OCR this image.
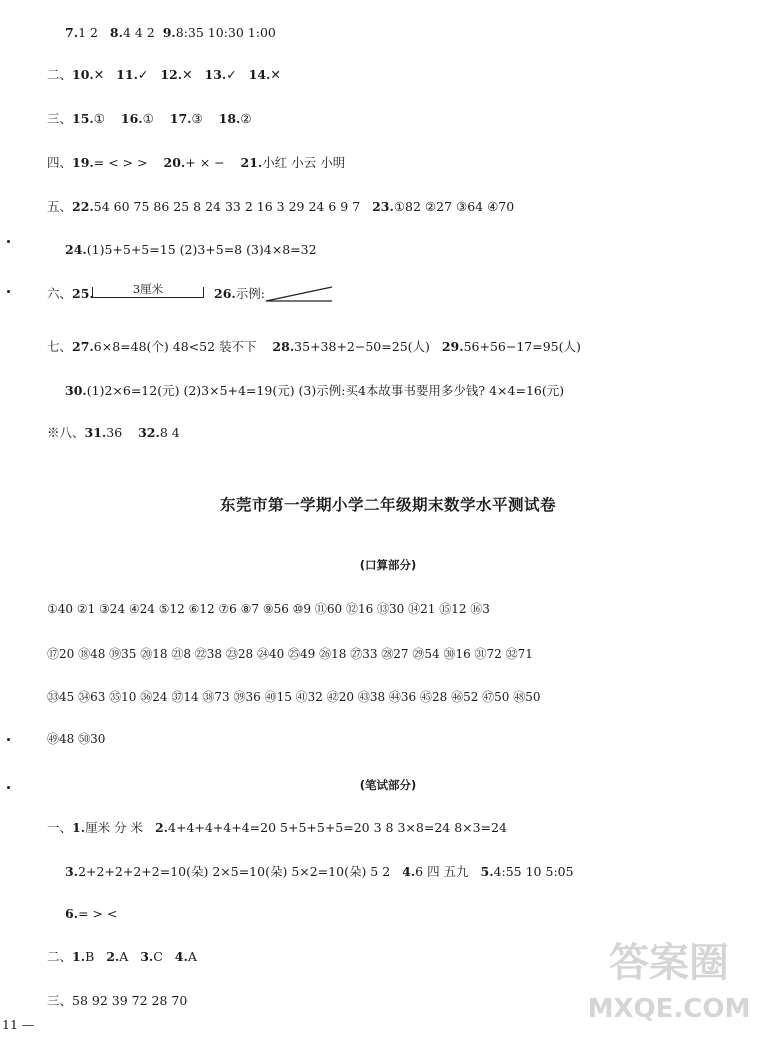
7.1 2 8.4 4 2 9.8:35 10:30 1:00
二、10.✕ 11.✓ 12.✕ 13.✓ 14.✕
三、15.① 16.① 17.③ 18.②
四、19.= < > > 20.+ × − 21.小红 小云 小明
五、22.54 60 75 86 25 8 24 33 2 16 3 29 24 6 9 7 23.①82 ②27 ③64 ④70
24.(1)5+5+5=15 (2)3+5=8 (3)4×8=32
六、25.	3厘米	26.示例:
七、27.6×8=48(个) 48<52 装不下 28.35+38+2−50=25(人) 29.56+56−17=95(人)
30.(1)2×6=12(元) (2)3×5+4=19(元) (3)示例:买4本故事书要用多少钱? 4×4=16(元)
※八、31.36 32.8 4
东莞市第一学期小学二年级期末数学水平测试卷
(口算部分)
①40 ②1 ③24 ④24 ⑤12 ⑥12 ⑦6 ⑧7 ⑨56 ⑩9 ⑪60 ⑫16 ⑬30 ⑭21 ⑮12 ⑯3
⑰20 ⑱48 ⑲35 ⑳18 ㉑8 ㉒38 ㉓28 ㉔40 ㉕49 ㉖18 ㉗33 ㉘27 ㉙54 ㉚16 ㉛72 ㉜71
㉝45 ㉞63 ㉟10 ㊱24 ㊲14 ㊳73 ㊴36 ㊵15 ㊶32 ㊷20 ㊸38 ㊹36 ㊺28 ㊻52 ㊼50 ㊽50
㊾48 ㊿30
(笔试部分)
一、1.厘米 分 米 2.4+4+4+4+4=20 5+5+5+5=20 3 8 3×8=24 8×3=24
3.2+2+2+2+2=10(朵) 2×5=10(朵) 5×2=10(朵) 5 2 4.6 四 五九 5.4:55 10 5:05
6.= > <
二、1.B 2.A 3.C 4.A
三、58 92 39 72 28 70
11 —
答案圈
MXQE.COM
